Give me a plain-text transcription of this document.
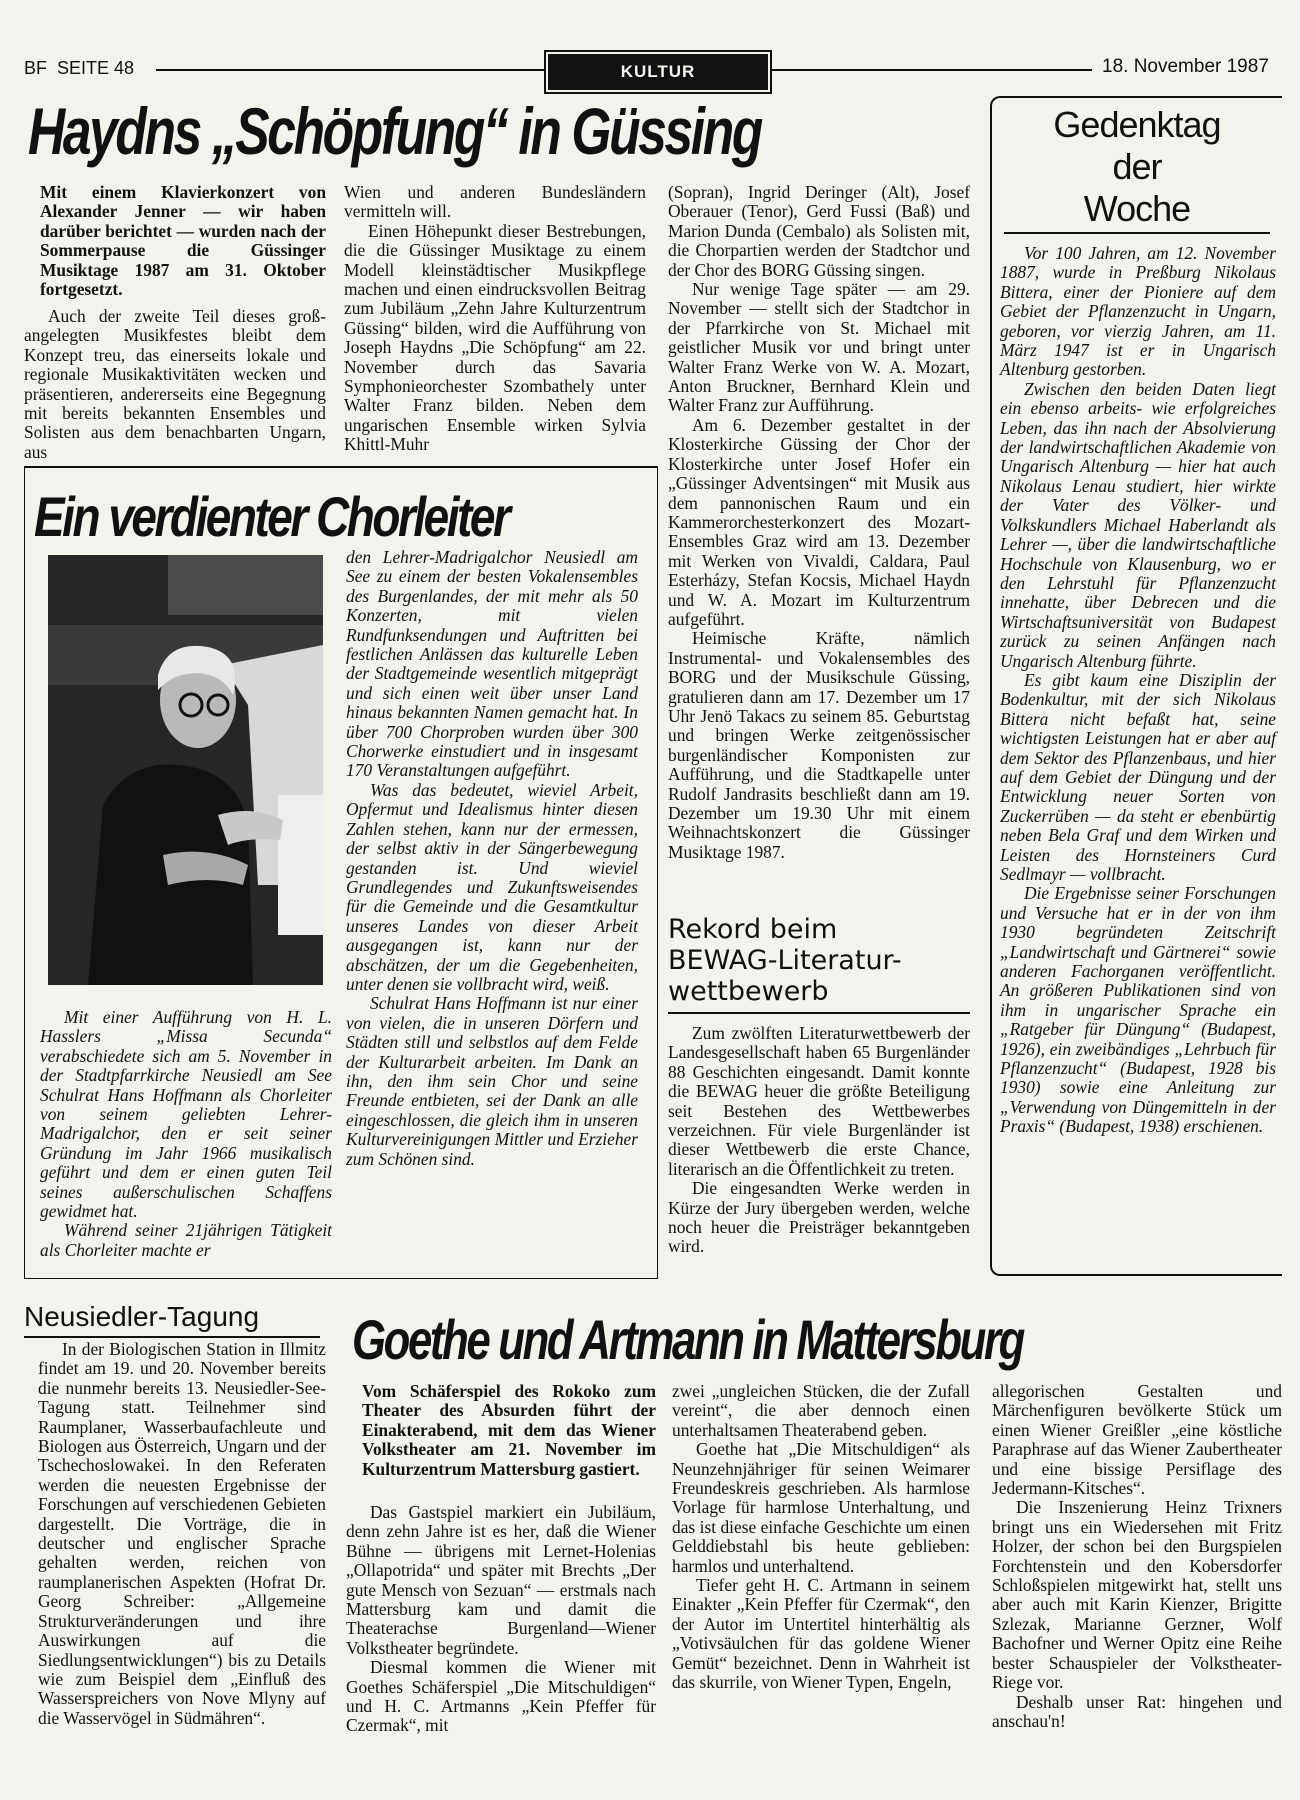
BF  SEITE 48	KULTUR	18. November 1987
Haydns „Schöpfung“ in Güssing
Mit einem Klavierkonzert von Alexander Jenner — wir haben darüber berichtet — wurden nach der Sommerpause die Güssinger Musiktage 1987 am 31. Oktober fortgesetzt.

Auch der zweite Teil dieses großangelegten Musikfestes bleibt dem Konzept treu, das einerseits lokale und regionale Musikaktivitäten wecken und präsentieren, andererseits eine Begegnung mit bereits bekannten Ensembles und Solisten aus dem benachbarten Ungarn, aus

Wien und anderen Bundesländern vermitteln will.

Einen Höhepunkt dieser Bestrebungen, die die Güssinger Musiktage zu einem Modell kleinstädtischer Musikpflege machen und einen eindrucksvollen Beitrag zum Jubiläum „Zehn Jahre Kulturzentrum Güssing“ bilden, wird die Aufführung von Joseph Haydns „Die Schöpfung“ am 22. November durch das Savaria Symphonieorchester Szombathely unter Walter Franz bilden. Neben dem ungarischen Ensemble wirken Sylvia Khittl-Muhr

(Sopran), Ingrid Deringer (Alt), Josef Oberauer (Tenor), Gerd Fussi (Baß) und Marion Dunda (Cembalo) als Solisten mit, die Chorpartien werden der Stadtchor und der Chor des BORG Güssing singen.

Nur wenige Tage später — am 29. November — stellt sich der Stadtchor in der Pfarrkirche von St. Michael mit geistlicher Musik vor und bringt unter Walter Franz Werke von W. A. Mozart, Anton Bruckner, Bernhard Klein und Walter Franz zur Aufführung.

Am 6. Dezember gestaltet in der Klosterkirche Güssing der Chor der Klosterkirche unter Josef Hofer ein „Güssinger Adventsingen“ mit Musik aus dem pannonischen Raum und ein Kammerorchesterkonzert des Mozart-Ensembles Graz wird am 13. Dezember mit Werken von Vivaldi, Caldara, Paul Esterházy, Stefan Kocsis, Michael Haydn und W. A. Mozart im Kulturzentrum aufgeführt.

Heimische Kräfte, nämlich Instrumental- und Vokalensembles des BORG und der Musikschule Güssing, gratulieren dann am 17. Dezember um 17 Uhr Jenö Takacs zu seinem 85. Geburtstag und bringen Werke zeitgenössischer burgenländischer Komponisten zur Aufführung, und die Stadtkapelle unter Rudolf Jandrasits beschließt dann am 19. Dezember um 19.30 Uhr mit einem Weihnachtskonzert die Güssinger Musiktage 1987.

Ein verdienter Chorleiter

Mit einer Aufführung von H. L. Hasslers „Missa Secunda“ verabschiedete sich am 5. November in der Stadtpfarrkirche Neusiedl am See Schulrat Hans Hoffmann als Chorleiter von seinem geliebten Lehrer-Madrigalchor, den er seit seiner Gründung im Jahr 1966 musikalisch geführt und dem er einen guten Teil seines außerschulischen Schaffens gewidmet hat.

Während seiner 21jährigen Tätigkeit als Chorleiter machte er

den Lehrer-Madrigalchor Neusiedl am See zu einem der besten Vokalensembles des Burgenlandes, der mit mehr als 50 Konzerten, mit vielen Rundfunksendungen und Auftritten bei festlichen Anlässen das kulturelle Leben der Stadtgemeinde wesentlich mitgeprägt und sich einen weit über unser Land hinaus bekannten Namen gemacht hat. In über 700 Chorproben wurden über 300 Chorwerke einstudiert und in insgesamt 170 Veranstaltungen aufgeführt.

Was das bedeutet, wieviel Arbeit, Opfermut und Idealismus hinter diesen Zahlen stehen, kann nur der ermessen, der selbst aktiv in der Sängerbewegung gestanden ist. Und wieviel Grundlegendes und Zukunftsweisendes für die Gemeinde und die Gesamtkultur unseres Landes von dieser Arbeit ausgegangen ist, kann nur der abschätzen, der um die Gegebenheiten, unter denen sie vollbracht wird, weiß.

Schulrat Hans Hoffmann ist nur einer von vielen, die in unseren Dörfern und Städten still und selbstlos auf dem Felde der Kulturarbeit arbeiten. Im Dank an ihn, den ihm sein Chor und seine Freunde entbieten, sei der Dank an alle eingeschlossen, die gleich ihm in unseren Kulturvereinigungen Mittler und Erzieher zum Schönen sind.

Rekord beim
BEWAG-Literatur-
wettbewerb

Zum zwölften Literaturwettbewerb der Landesgesellschaft haben 65 Burgenländer 88 Geschichten eingesandt. Damit konnte die BEWAG heuer die größte Beteiligung seit Bestehen des Wettbewerbes verzeichnen. Für viele Burgenländer ist dieser Wettbewerb die erste Chance, literarisch an die Öffentlichkeit zu treten.

Die eingesandten Werke werden in Kürze der Jury übergeben werden, welche noch heuer die Preisträger bekanntgeben wird.

Gedenktag
der
Woche

Vor 100 Jahren, am 12. November 1887, wurde in Preßburg Nikolaus Bittera, einer der Pioniere auf dem Gebiet der Pflanzenzucht in Ungarn, geboren, vor vierzig Jahren, am 11. März 1947 ist er in Ungarisch Altenburg gestorben.

Zwischen den beiden Daten liegt ein ebenso arbeits- wie erfolgreiches Leben, das ihn nach der Absolvierung der landwirtschaftlichen Akademie von Ungarisch Altenburg — hier hat auch Nikolaus Lenau studiert, hier wirkte der Vater des Völker- und Volkskundlers Michael Haberlandt als Lehrer —, über die landwirtschaftliche Hochschule von Klausenburg, wo er den Lehrstuhl für Pflanzenzucht innehatte, über Debrecen und die Wirtschaftsuniversität von Budapest zurück zu seinen Anfängen nach Ungarisch Altenburg führte.

Es gibt kaum eine Disziplin der Bodenkultur, mit der sich Nikolaus Bittera nicht befaßt hat, seine wichtigsten Leistungen hat er aber auf dem Sektor des Pflanzenbaus, und hier auf dem Gebiet der Düngung und der Entwicklung neuer Sorten von Zuckerrüben — da steht er ebenbürtig neben Bela Graf und dem Wirken und Leisten des Hornsteiners Curd Sedlmayr — vollbracht.

Die Ergebnisse seiner Forschungen und Versuche hat er in der von ihm 1930 begründeten Zeitschrift „Landwirtschaft und Gärtnerei“ sowie anderen Fachorganen veröffentlicht. An größeren Publikationen sind von ihm in ungarischer Sprache ein „Ratgeber für Düngung“ (Budapest, 1926), ein zweibändiges „Lehrbuch für Pflanzenzucht“ (Budapest, 1928 bis 1930) sowie eine Anleitung zur „Verwendung von Düngemitteln in der Praxis“ (Budapest, 1938) erschienen.

Neusiedler-Tagung

In der Biologischen Station in Illmitz findet am 19. und 20. November bereits die nunmehr bereits 13. Neusiedler-See-Tagung statt. Teilnehmer sind Raumplaner, Wasserbaufachleute und Biologen aus Österreich, Ungarn und der Tschechoslowakei. In den Referaten werden die neuesten Ergebnisse der Forschungen auf verschiedenen Gebieten dargestellt. Die Vorträge, die in deutscher und englischer Sprache gehalten werden, reichen von raumplanerischen Aspekten (Hofrat Dr. Georg Schreiber: „Allgemeine Strukturveränderungen und ihre Auswirkungen auf die Siedlungsentwicklungen“) bis zu Details wie zum Beispiel dem „Einfluß des Wasserspreichers von Nove Mlyny auf die Wasservögel in Südmähren“.

Goethe und Artmann in Mattersburg
Vom Schäferspiel des Rokoko zum Theater des Absurden führt der Einakterabend, mit dem das Wiener Volkstheater am 21. November im Kulturzentrum Mattersburg gastiert.

Das Gastspiel markiert ein Jubiläum, denn zehn Jahre ist es her, daß die Wiener Bühne — übrigens mit Lernet-Holenias „Ollapotrida“ und später mit Brechts „Der gute Mensch von Sezuan“ — erstmals nach Mattersburg kam und damit die Theaterachse Burgenland—Wiener Volkstheater begründete.

Diesmal kommen die Wiener mit Goethes Schäferspiel „Die Mitschuldigen“ und H. C. Artmanns „Kein Pfeffer für Czermak“, mit

zwei „ungleichen Stücken, die der Zufall vereint“, die aber dennoch einen unterhaltsamen Theaterabend geben.

Goethe hat „Die Mitschuldigen“ als Neunzehnjähriger für seinen Weimarer Freundeskreis geschrieben. Als harmlose Vorlage für harmlose Unterhaltung, und das ist diese einfache Geschichte um einen Gelddiebstahl bis heute geblieben: harmlos und unterhaltend.

Tiefer geht H. C. Artmann in seinem Einakter „Kein Pfeffer für Czermak“, den der Autor im Untertitel hinterhältig als „Votivsäulchen für das goldene Wiener Gemüt“ bezeichnet. Denn in Wahrheit ist das skurrile, von Wiener Typen, Engeln,

allegorischen Gestalten und Märchenfiguren bevölkerte Stück um einen Wiener Greißler „eine köstliche Paraphrase auf das Wiener Zaubertheater und eine bissige Persiflage des Jedermann-Kitsches“.

Die Inszenierung Heinz Trixners bringt uns ein Wiedersehen mit Fritz Holzer, der schon bei den Burgspielen Forchtenstein und den Kobersdorfer Schloßspielen mitgewirkt hat, stellt uns aber auch mit Karin Kienzer, Brigitte Szlezak, Marianne Gerzner, Wolf Bachofner und Werner Opitz eine Reihe bester Schauspieler der Volkstheater-Riege vor.

Deshalb unser Rat: hingehen und anschau'n!
